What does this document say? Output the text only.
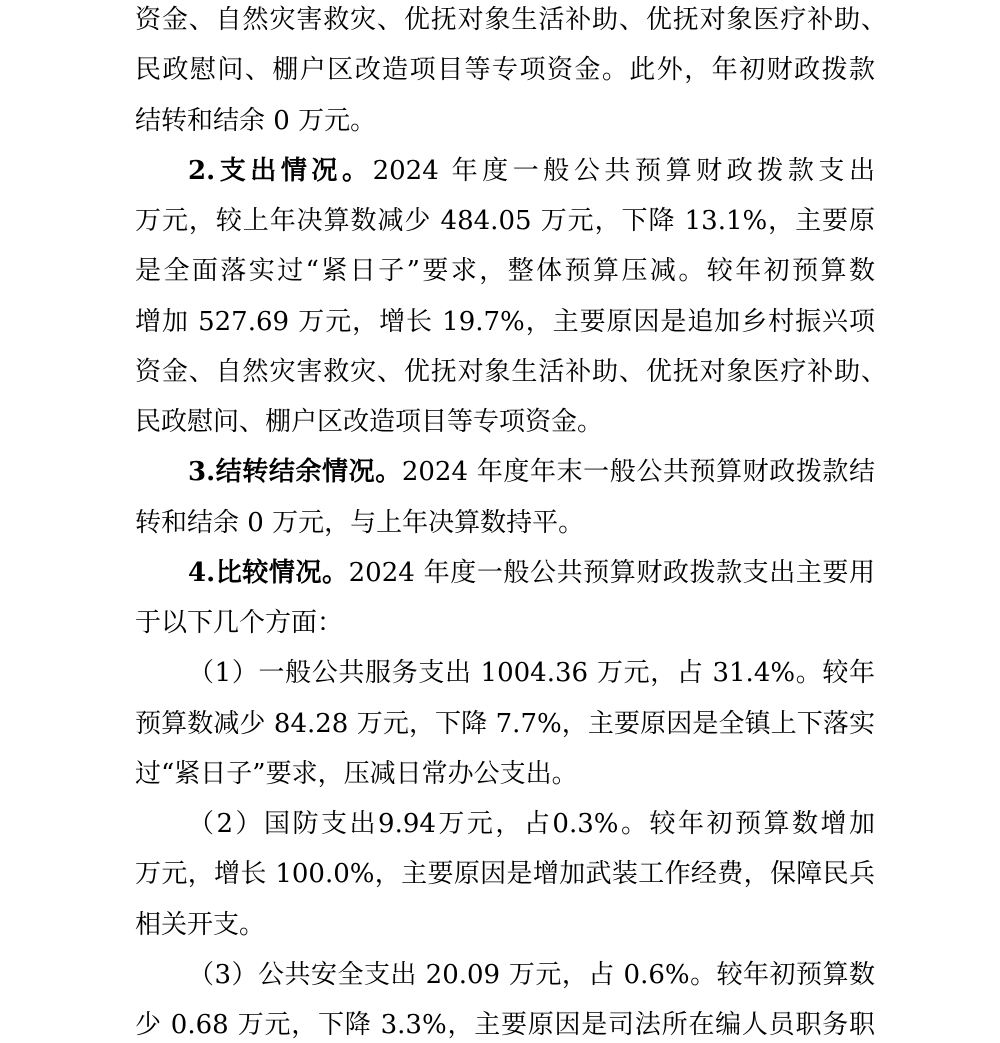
资金、自然灾害救灾、优抚对象生活补助、优抚对象医疗补助、
民政慰问、棚户区改造项目等专项资金。此外，年初财政拨款
结转和结余 0 万元。
2.支出情况。2024 年度一般公共预算财政拨款支出
万元，较上年决算数减少 484.05 万元，下降 13.1%，主要原
是全面落实过“紧日子”要求，整体预算压减。较年初预算数
增加 527.69 万元，增长 19.7%，主要原因是追加乡村振兴项
资金、自然灾害救灾、优抚对象生活补助、优抚对象医疗补助、
民政慰问、棚户区改造项目等专项资金。
3.结转结余情况。2024 年度年末一般公共预算财政拨款结
转和结余 0 万元，与上年决算数持平。
4.比较情况。2024 年度一般公共预算财政拨款支出主要用
于以下几个方面：
（1）一般公共服务支出 1004.36 万元，占 31.4%。较年
预算数减少 84.28 万元，下降 7.7%，主要原因是全镇上下落实
过“紧日子”要求，压减日常办公支出。
（2）国防支出9.94万元，占0.3%。较年初预算数增加
万元，增长 100.0%，主要原因是增加武装工作经费，保障民兵
相关开支。
（3）公共安全支出 20.09 万元，占 0.6%。较年初预算数
少 0.68 万元，下降 3.3%，主要原因是司法所在编人员职务职
